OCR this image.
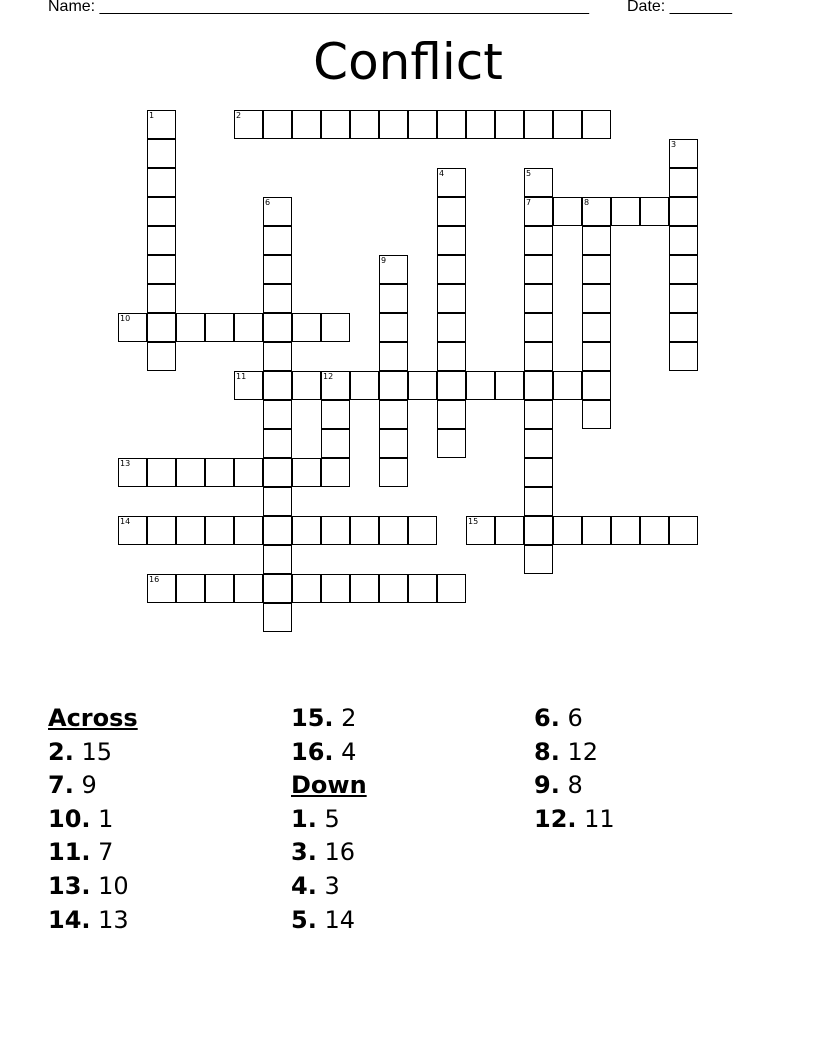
Name: _______________________________________________________ Date: _______
Conflict
2
7	8
10
11	12
13
14	15
16
1
3
4	5
6
9
Across
2. 15
7. 9
10. 1
11. 7
13. 10
14. 13
15. 2
16. 4
Down
1. 5
3. 16
4. 3
5. 14
6. 6
8. 12
9. 8
12. 11
